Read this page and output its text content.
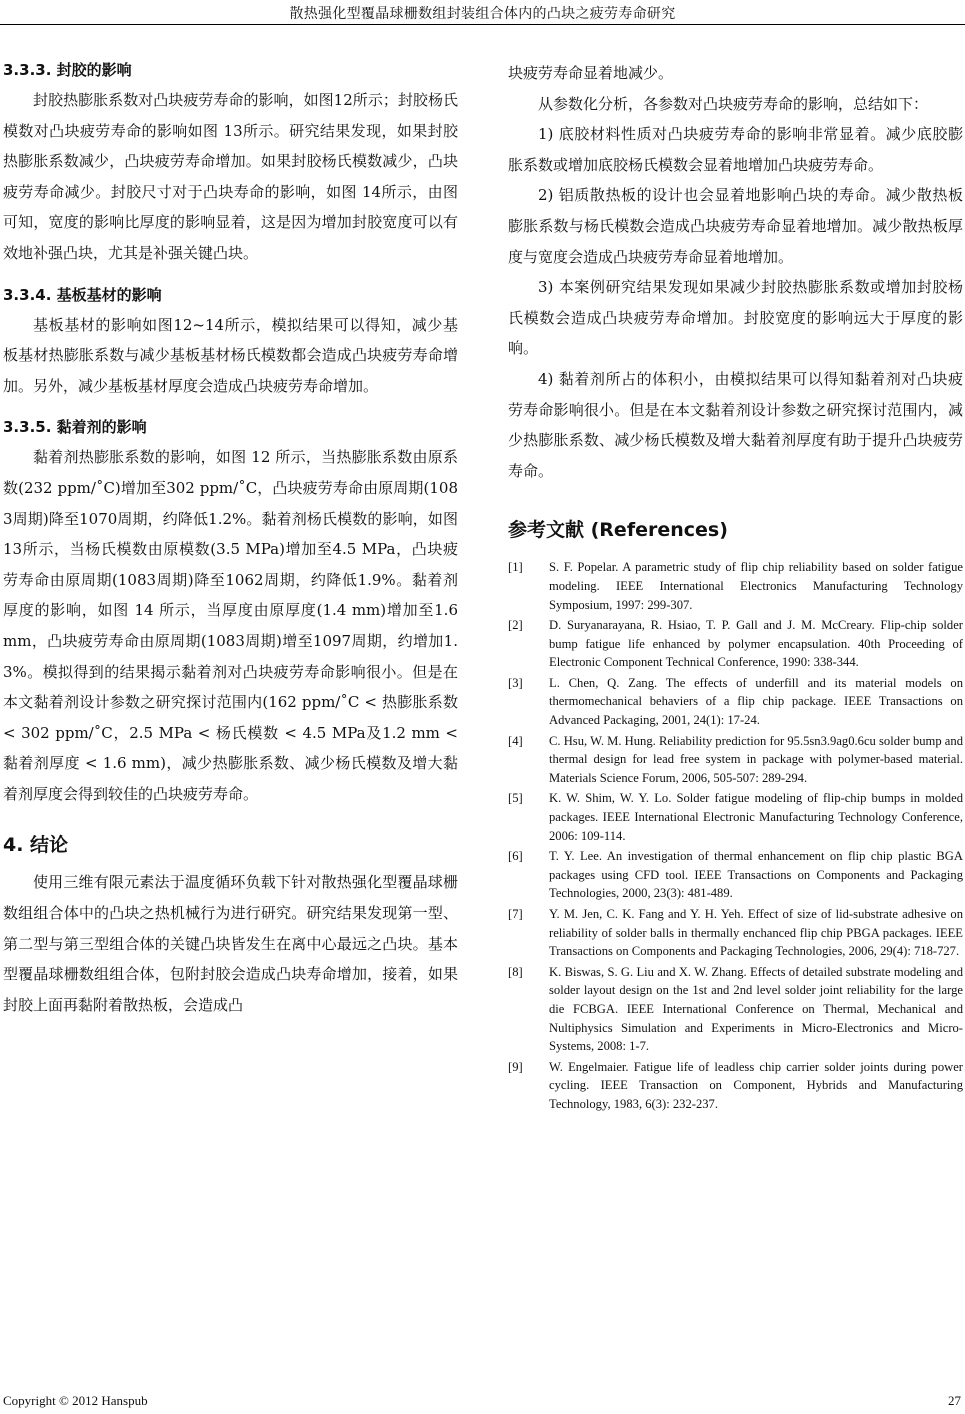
散热强化型覆晶球栅数组封装组合体内的凸块之疲劳寿命研究
3.3.3. 封胶的影响

封胶热膨胀系数对凸块疲劳寿命的影响，如图12所示；封胶杨氏模数对凸块疲劳寿命的影响如图 13所示。研究结果发现，如果封胶热膨胀系数减少，凸块疲劳寿命增加。如果封胶杨氏模数减少，凸块疲劳寿命减少。封胶尺寸对于凸块寿命的影响，如图 14所示，由图可知，宽度的影响比厚度的影响显着，这是因为增加封胶宽度可以有效地补强凸块，尤其是补强关键凸块。

3.3.4. 基板基材的影响

基板基材的影响如图12~14所示，模拟结果可以得知，减少基板基材热膨胀系数与减少基板基材杨氏模数都会造成凸块疲劳寿命增加。另外，减少基板基材厚度会造成凸块疲劳寿命增加。

3.3.5. 黏着剂的影响

黏着剂热膨胀系数的影响，如图 12 所示，当热膨胀系数由原系数(232 ppm/˚C)增加至302 ppm/˚C，凸块疲劳寿命由原周期(1083周期)降至1070周期，约降低1.2%。黏着剂杨氏模数的影响，如图13所示，当杨氏模数由原模数(3.5 MPa)增加至4.5 MPa，凸块疲劳寿命由原周期(1083周期)降至1062周期，约降低1.9%。黏着剂厚度的影响，如图 14 所示，当厚度由原厚度(1.4 mm)增加至1.6 mm，凸块疲劳寿命由原周期(1083周期)增至1097周期，约增加1.3%。模拟得到的结果揭示黏着剂对凸块疲劳寿命影响很小。但是在本文黏着剂设计参数之研究探讨范围内(162 ppm/˚C < 热膨胀系数 < 302 ppm/˚C，2.5 MPa < 杨氏模数 < 4.5 MPa及1.2 mm < 黏着剂厚度 < 1.6 mm)，减少热膨胀系数、减少杨氏模数及增大黏着剂厚度会得到较佳的凸块疲劳寿命。

4. 结论

使用三维有限元素法于温度循环负载下针对散热强化型覆晶球栅数组组合体中的凸块之热机械行为进行研究。研究结果发现第一型、第二型与第三型组合体的关键凸块皆发生在离中心最远之凸块。基本型覆晶球栅数组组合体，包附封胶会造成凸块寿命增加，接着，如果封胶上面再黏附着散热板，会造成凸

块疲劳寿命显着地减少。

从参数化分析，各参数对凸块疲劳寿命的影响，总结如下：

1) 底胶材料性质对凸块疲劳寿命的影响非常显着。减少底胶膨胀系数或增加底胶杨氏模数会显着地增加凸块疲劳寿命。

2) 铝质散热板的设计也会显着地影响凸块的寿命。减少散热板膨胀系数与杨氏模数会造成凸块疲劳寿命显着地增加。减少散热板厚度与宽度会造成凸块疲劳寿命显着地增加。

3) 本案例研究结果发现如果减少封胶热膨胀系数或增加封胶杨氏模数会造成凸块疲劳寿命增加。封胶宽度的影响远大于厚度的影响。

4) 黏着剂所占的体积小，由模拟结果可以得知黏着剂对凸块疲劳寿命影响很小。但是在本文黏着剂设计参数之研究探讨范围内，减少热膨胀系数、减少杨氏模数及增大黏着剂厚度有助于提升凸块疲劳寿命。

参考文献 (References)
[1]	S. F. Popelar. A parametric study of flip chip reliability based on solder fatigue modeling. IEEE International Electronics Manufacturing Technology Symposium, 1997: 299-307.
[2]	D. Suryanarayana, R. Hsiao, T. P. Gall and J. M. McCreary. Flip-chip solder bump fatigue life enhanced by polymer encapsulation. 40th Proceeding of Electronic Component Technical Conference, 1990: 338-344.
[3]	L. Chen, Q. Zang. The effects of underfill and its material models on thermomechanical behaviers of a flip chip package. IEEE Transactions on Advanced Packaging, 2001, 24(1): 17-24.
[4]	C. Hsu, W. M. Hung. Reliability prediction for 95.5sn3.9ag0.6cu solder bump and thermal design for lead free system in package with polymer-based material. Materials Science Forum, 2006, 505-507: 289-294.
[5]	K. W. Shim, W. Y. Lo. Solder fatigue modeling of flip-chip bumps in molded packages. IEEE International Electronic Manufacturing Technology Conference, 2006: 109-114.
[6]	T. Y. Lee. An investigation of thermal enhancement on flip chip plastic BGA packages using CFD tool. IEEE Transactions on Components and Packaging Technologies, 2000, 23(3): 481-489.
[7]	Y. M. Jen, C. K. Fang and Y. H. Yeh. Effect of size of lid-substrate adhesive on reliability of solder balls in thermally enchanced flip chip PBGA packages. IEEE Transactions on Components and Packaging Technologies, 2006, 29(4): 718-727.
[8]	K. Biswas, S. G. Liu and X. W. Zhang. Effects of detailed substrate modeling and solder layout design on the 1st and 2nd level solder joint reliability for the large die FCBGA. IEEE International Conference on Thermal, Mechanical and Nultiphysics Simulation and Experiments in Micro-Electronics and Micro-Systems, 2008: 1-7.
[9]	W. Engelmaier. Fatigue life of leadless chip carrier solder joints during power cycling. IEEE Transaction on Component, Hybrids and Manufacturing Technology, 1983, 6(3): 232-237.
Copyright © 2012 Hanspub	27
